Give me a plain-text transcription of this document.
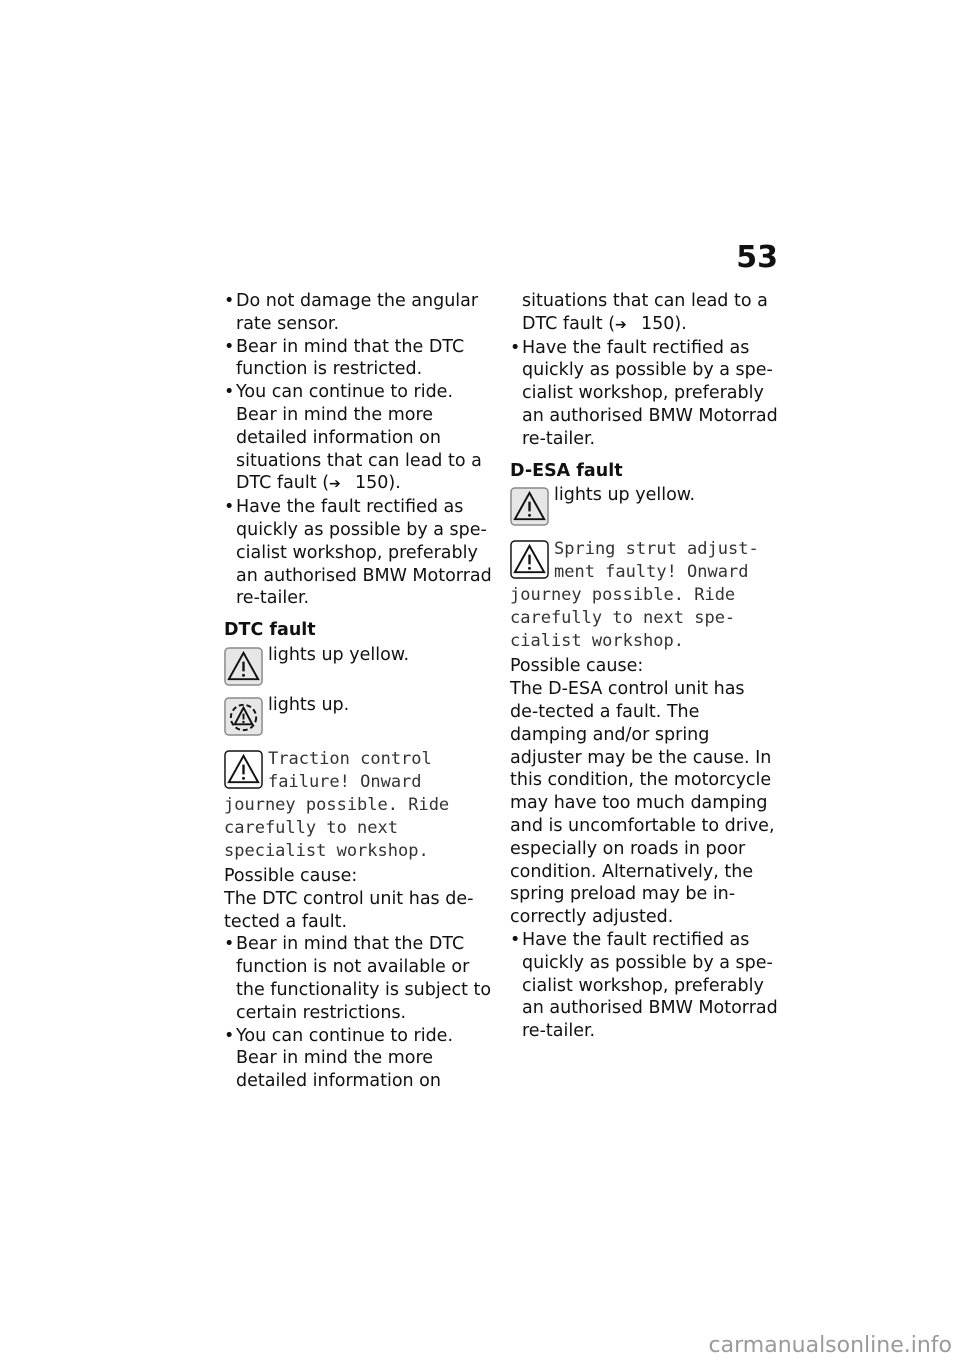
53
• Do not damage the angular rate sensor.
• Bear in mind that the DTC function is restricted.
• You can continue to ride. Bear in mind the more detailed information on situations that can lead to a DTC fault (➔ 150).
• Have the fault rectified as quickly as possible by a spe-cialist workshop, preferably an authorised BMW Motorrad re-tailer.
DTC fault
lights up yellow.
lights up.
Traction control failure! Onward journey possible. Ride carefully to next specialist workshop.
Possible cause:
The DTC control unit has de-tected a fault.
• Bear in mind that the DTC function is not available or the functionality is subject to certain restrictions.
• You can continue to ride. Bear in mind the more detailed information on
situations that can lead to a DTC fault (➔ 150).
• Have the fault rectified as quickly as possible by a spe-cialist workshop, preferably an authorised BMW Motorrad re-tailer.
D-ESA fault
lights up yellow.
Spring strut adjust-ment faulty! Onward journey possible. Ride carefully to next spe-cialist workshop.
Possible cause:
The D-ESA control unit has de-tected a fault. The damping and/or spring adjuster may be the cause. In this condition, the motorcycle may have too much damping and is uncomfortable to drive, especially on roads in poor condition. Alternatively, the spring preload may be in-correctly adjusted.
• Have the fault rectified as quickly as possible by a spe-cialist workshop, preferably an authorised BMW Motorrad re-tailer.
carmanualsonline.info
